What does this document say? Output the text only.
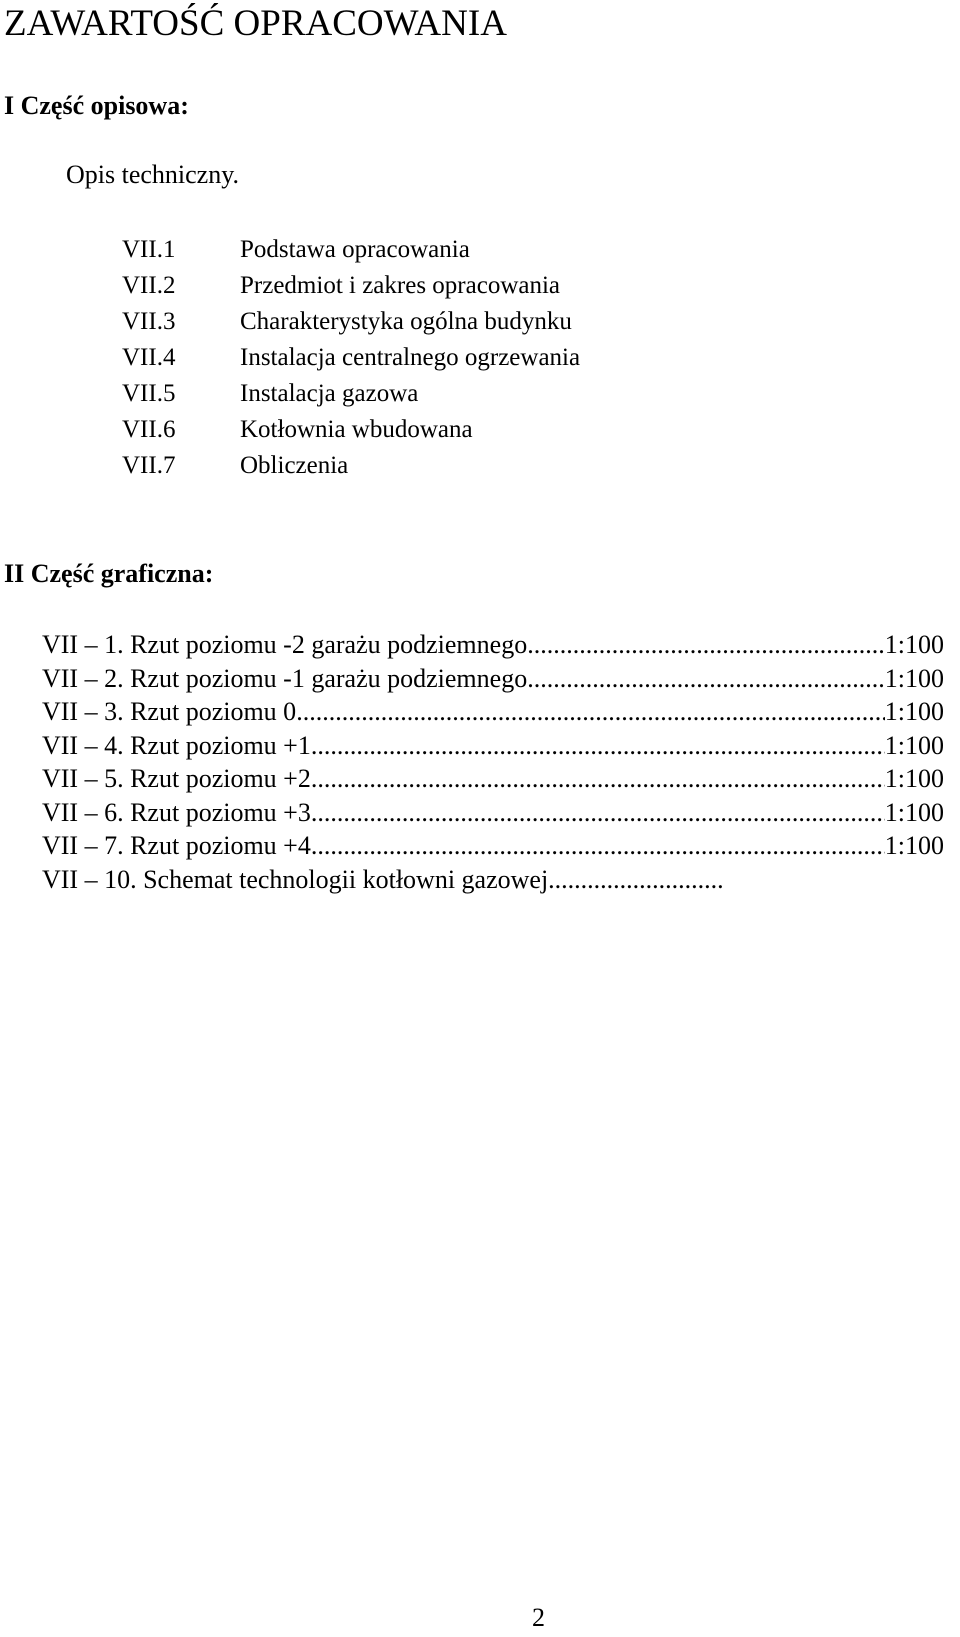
ZAWARTOŚĆ OPRACOWANIA
I Część opisowa:
Opis techniczny.
VII.1	Podstawa opracowania
VII.2	Przedmiot i zakres opracowania
VII.3	Charakterystyka ogólna budynku
VII.4	Instalacja centralnego ogrzewania
VII.5	Instalacja gazowa
VII.6	Kotłownia wbudowana
VII.7	Obliczenia
II Część graficzna:
VII – 1. Rzut poziomu -2 garażu podziemnego .....	1:100
VII – 2. Rzut poziomu -1 garażu podziemnego .....	1:100
VII – 3. Rzut poziomu 0 .....	1:100
VII – 4. Rzut poziomu +1 .....	1:100
VII – 5. Rzut poziomu +2 .....	1:100
VII – 6. Rzut poziomu +3 .....	1:100
VII – 7. Rzut poziomu +4 .....	1:100
VII – 10. Schemat technologii kotłowni gazowej ...........................
2
